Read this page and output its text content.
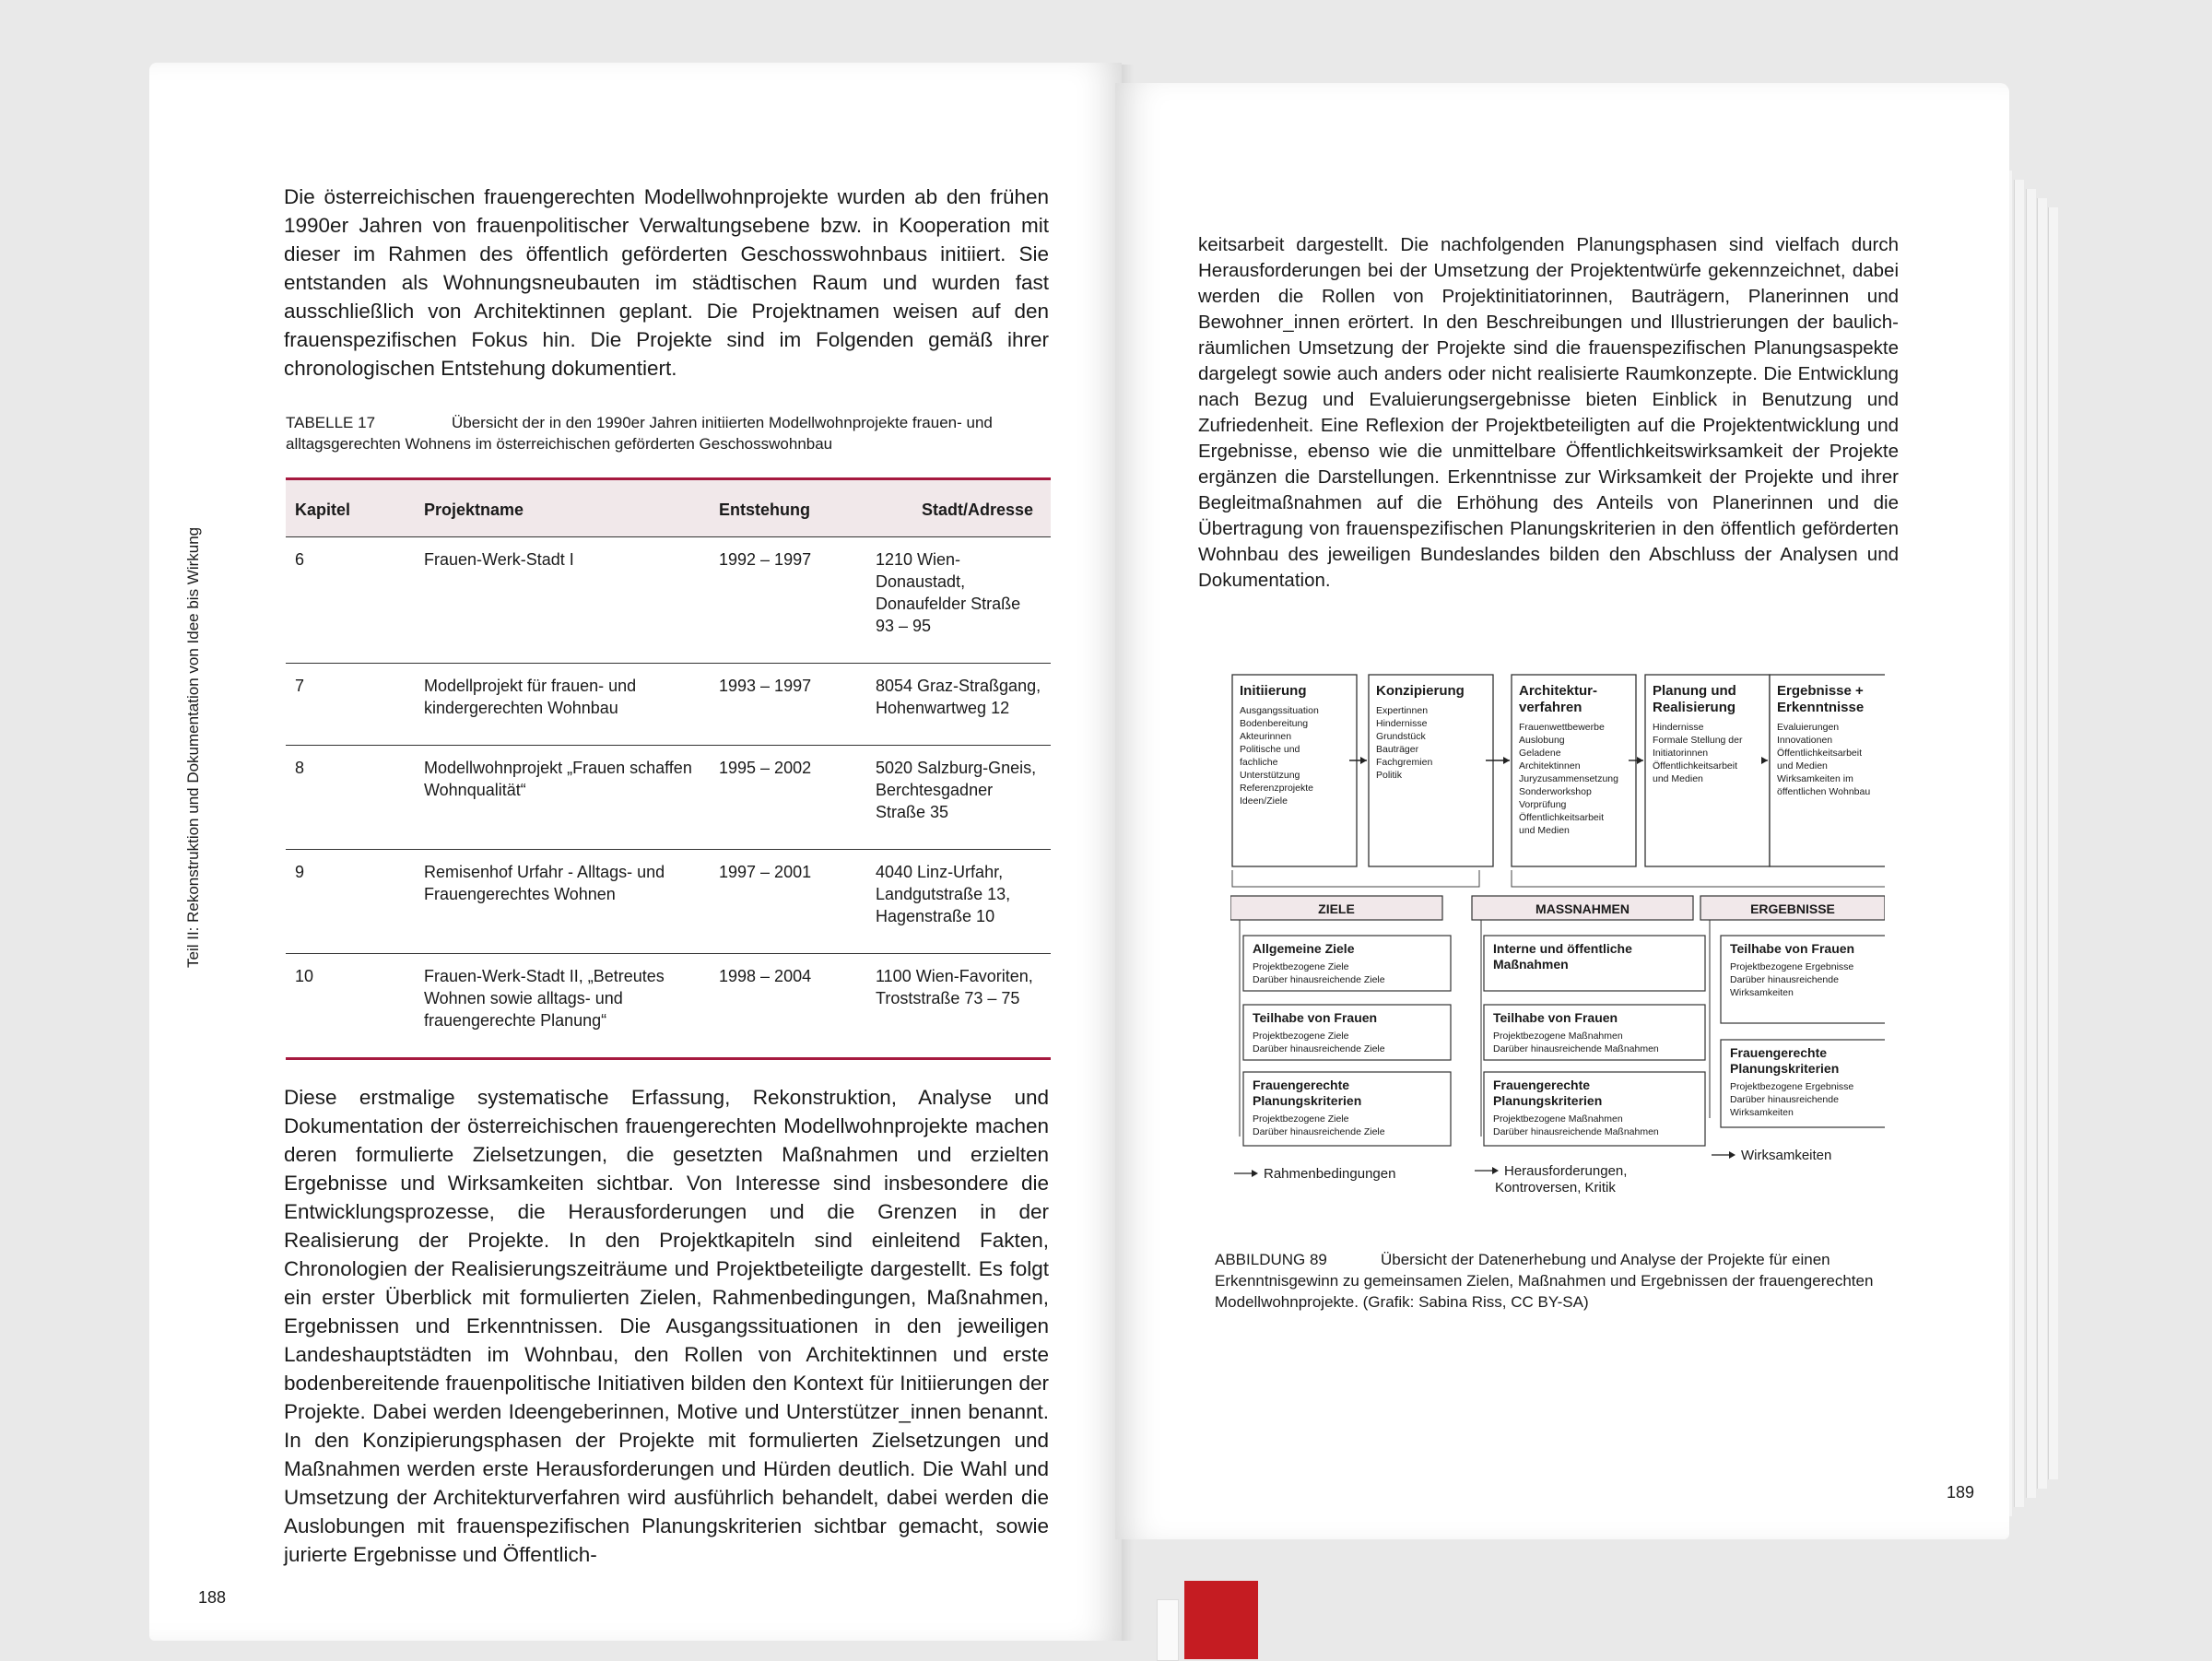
Teil II: Rekonstruktion und Dokumentation von Idee bis Wirkung

Die österreichischen frauengerechten Modellwohnprojekte wurden ab den frühen 1990er Jahren von frauenpolitischer Verwaltungsebene bzw. in Kooperation mit dieser im Rahmen des öffentlich geförderten Geschosswohnbaus initiiert. Sie entstanden als Wohnungsneubauten im städtischen Raum und wurden fast ausschließlich von Architektinnen geplant. Die Projektnamen weisen auf den frauenspezifischen Fokus hin. Die Projekte sind im Folgenden gemäß ihrer chronologischen Entstehung dokumentiert.

TABELLE 17	Übersicht der in den 1990er Jahren initiierten Modellwohnprojekte frauen- und alltagsgerechten Wohnens im österreichischen geförderten Geschosswohnbau

Kapitel	Projektname	Entstehung	Stadt/Adresse
6	Frauen-Werk-Stadt I	1992 – 1997	1210 Wien-Donaustadt, Donaufelder Straße 93 – 95
7	Modellprojekt für frauen- und kindergerechten Wohnbau	1993 – 1997	8054 Graz-Straßgang, Hohenwartweg 12
8	Modellwohnprojekt „Frauen schaffen Wohnqualität“	1995 – 2002	5020 Salzburg-Gneis, Berchtesgadner Straße 35
9	Remisenhof Urfahr - Alltags- und Frauengerechtes Wohnen	1997 – 2001	4040 Linz-Urfahr, Landgutstraße 13, Hagenstraße 10
10	Frauen-Werk-Stadt II, „Betreutes Wohnen sowie alltags- und frauengerechte Planung“	1998 – 2004	1100 Wien-Favoriten, Troststraße 73 – 75

Diese erstmalige systematische Erfassung, Rekonstruktion, Analyse und Dokumentation der österreichischen frauengerechten Modellwohnprojekte machen deren formulierte Zielsetzungen, die gesetzten Maßnahmen und erzielten Ergebnisse und Wirksamkeiten sichtbar. Von Interesse sind insbesondere die Entwicklungsprozesse, die Herausforderungen und die Grenzen in der Realisierung der Projekte. In den Projektkapiteln sind einleitend Fakten, Chronologien der Realisierungszeiträume und Projektbeteiligte dargestellt. Es folgt ein erster Überblick mit formulierten Zielen, Rahmenbedingungen, Maßnahmen, Ergebnissen und Erkenntnissen. Die Ausgangssituationen in den jeweiligen Landeshauptstädten im Wohnbau, den Rollen von Architektinnen und erste bodenbereitende frauenpolitische Initiativen bilden den Kontext für Initiierungen der Projekte. Dabei werden Ideengeberinnen, Motive und Unterstützer_innen benannt. In den Konzipierungsphasen der Projekte mit formulierten Zielsetzungen und Maßnahmen werden erste Herausforderungen und Hürden deutlich. Die Wahl und Umsetzung der Architekturverfahren wird ausführlich behandelt, dabei werden die Auslobungen mit frauenspezifischen Planungskriterien sichtbar gemacht, sowie jurierte Ergebnisse und Öffentlich-

188

keitsarbeit dargestellt. Die nachfolgenden Planungsphasen sind vielfach durch Herausforderungen bei der Umsetzung der Projektentwürfe gekennzeichnet, dabei werden die Rollen von Projektinitiatorinnen, Bauträgern, Planerinnen und Bewohner_innen erörtert. In den Beschreibungen und Illustrierungen der baulich-räumlichen Umsetzung der Projekte sind die frauenspezifischen Planungsaspekte dargelegt sowie auch anders oder nicht realisierte Raumkonzepte. Die Entwicklung nach Bezug und Evaluierungsergebnisse bieten Einblick in Benutzung und Zufriedenheit. Eine Reflexion der Projektbeteiligten auf die Projektentwicklung und Ergebnisse, ebenso wie die unmittelbare Öffentlichkeitswirksamkeit der Projekte ergänzen die Darstellungen. Erkenntnisse zur Wirksamkeit der Projekte und ihrer Begleitmaßnahmen auf die Erhöhung des Anteils von Planerinnen und die Übertragung von frauenspezifischen Planungskriterien in den öffentlich geförderten Wohnbau des jeweiligen Bundeslandes bilden den Abschluss der Analysen und Dokumentation.

Initiierung
Ausgangssituation
Bodenbereitung
Akteurinnen
Politische und
fachliche
Unterstützung
Referenzprojekte
Ideen/Ziele
Konzipierung
Expertinnen
Hindernisse
Grundstück
Bauträger
Fachgremien
Politik
Architektur-
verfahren
Frauenwettbewerbe
Auslobung
Geladene
Architektinnen
Juryzusammensetzung
Sonderworkshop
Vorprüfung
Öffentlichkeitsarbeit
und Medien
Planung und
Realisierung
Hindernisse
Formale Stellung der
Initiatorinnen
Öffentlichkeitsarbeit
und Medien
Ergebnisse +
Erkenntnisse
Evaluierungen
Innovationen
Öffentlichkeitsarbeit
und Medien
Wirksamkeiten im
öffentlichen Wohnbau
ZIELE
Allgemeine Ziele
Projektbezogene Ziele
Darüber hinausreichende Ziele
Teilhabe von Frauen
Projektbezogene Ziele
Darüber hinausreichende Ziele
Frauengerechte
Planungskriterien
Projektbezogene Ziele
Darüber hinausreichende Ziele
Rahmenbedingungen
MASSNAHMEN
Interne und öffentliche
Maßnahmen
Teilhabe von Frauen
Projektbezogene Maßnahmen
Darüber hinausreichende Maßnahmen
Frauengerechte
Planungskriterien
Projektbezogene Maßnahmen
Darüber hinausreichende Maßnahmen
Herausforderungen,
Kontroversen, Kritik
ERGEBNISSE
Teilhabe von Frauen
Projektbezogene Ergebnisse
Darüber hinausreichende
Wirksamkeiten
Frauengerechte
Planungskriterien
Projektbezogene Ergebnisse
Darüber hinausreichende
Wirksamkeiten
Wirksamkeiten

ABBILDUNG 89	Übersicht der Datenerhebung und Analyse der Projekte für einen Erkenntnisgewinn zu gemeinsamen Zielen, Maßnahmen und Ergebnissen der frauengerechten Modellwohnprojekte. (Grafik: Sabina Riss, CC BY-SA)

189
